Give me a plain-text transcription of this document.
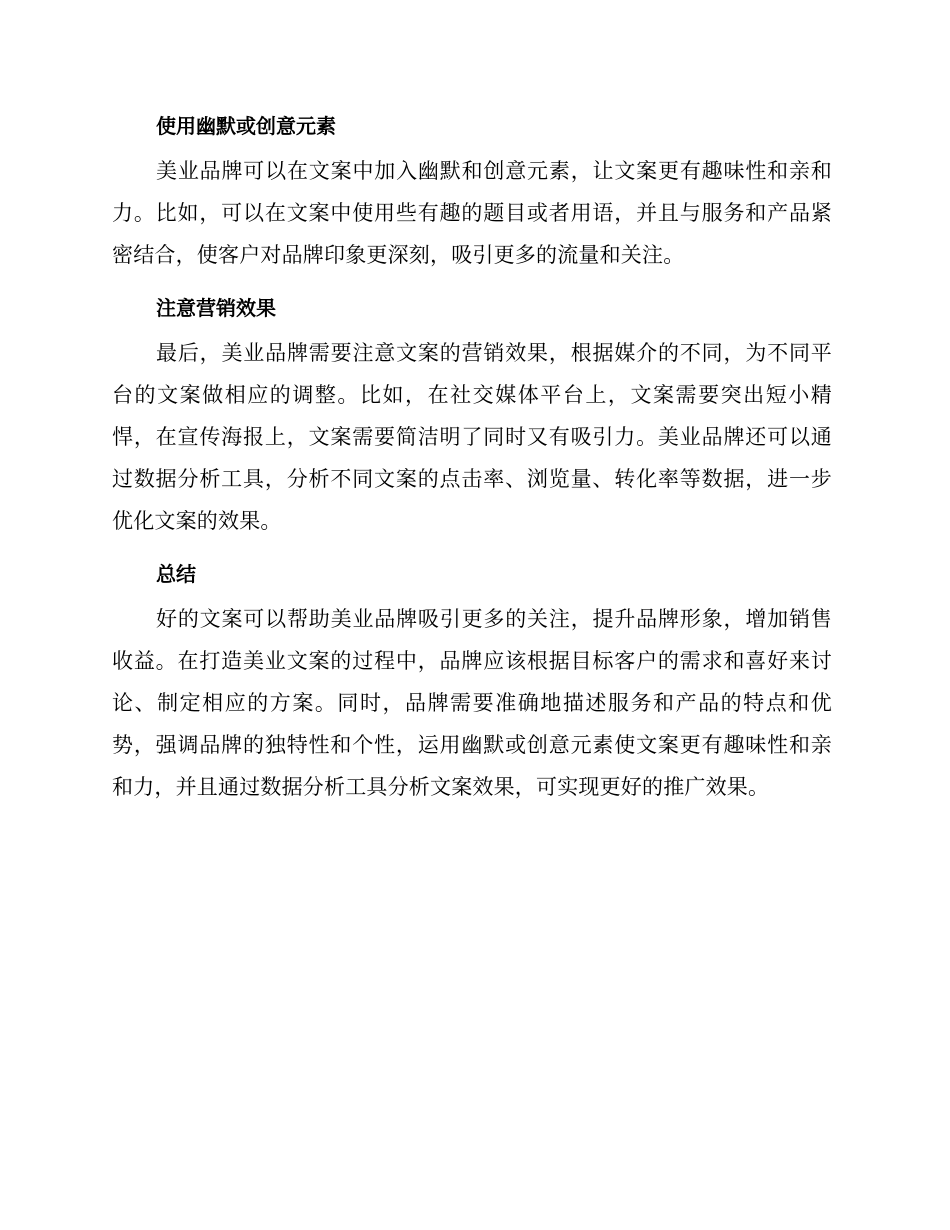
使用幽默或创意元素

美业品牌可以在文案中加入幽默和创意元素，让文案更有趣味性和亲和力。比如，可以在文案中使用些有趣的题目或者用语，并且与服务和产品紧密结合，使客户对品牌印象更深刻，吸引更多的流量和关注。

注意营销效果

最后，美业品牌需要注意文案的营销效果，根据媒介的不同，为不同平台的文案做相应的调整。比如，在社交媒体平台上，文案需要突出短小精悍，在宣传海报上，文案需要简洁明了同时又有吸引力。美业品牌还可以通过数据分析工具，分析不同文案的点击率、浏览量、转化率等数据，进一步优化文案的效果。

总结

好的文案可以帮助美业品牌吸引更多的关注，提升品牌形象，增加销售收益。在打造美业文案的过程中，品牌应该根据目标客户的需求和喜好来讨论、制定相应的方案。同时，品牌需要准确地描述服务和产品的特点和优势，强调品牌的独特性和个性，运用幽默或创意元素使文案更有趣味性和亲和力，并且通过数据分析工具分析文案效果，可实现更好的推广效果。
